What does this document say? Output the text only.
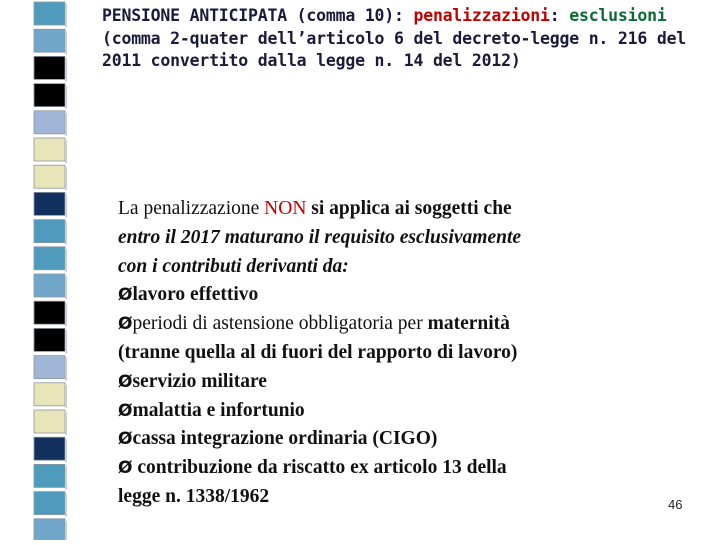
PENSIONE ANTICIPATA (comma 10): penalizzazioni: esclusioni (comma 2-quater dell’articolo 6 del decreto-legge n. 216 del 2011 convertito dalla legge n. 14 del 2012)

La penalizzazione NON si applica ai soggetti che
entro il 2017 maturano il requisito esclusivamente
con i contributi derivanti da:
Ølavoro effettivo
Øperiodi di astensione obbligatoria per maternità
(tranne quella al di fuori del rapporto di lavoro)
Øservizio militare
Ømalattia e infortunio
Øcassa integrazione ordinaria (CIGO)
Ø contribuzione da riscatto ex articolo 13 della
legge n. 1338/1962	46
